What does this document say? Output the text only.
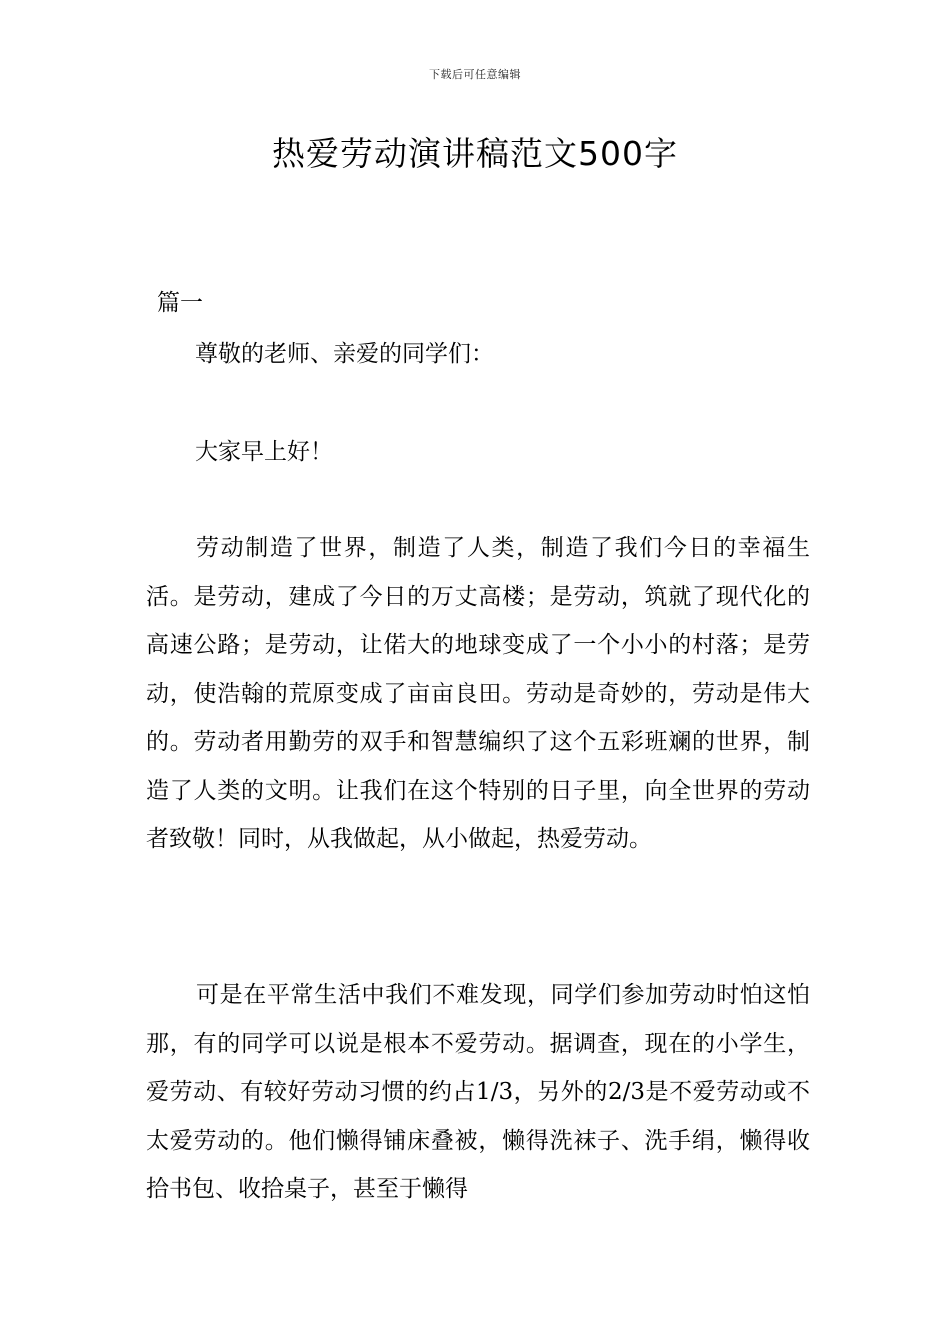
下载后可任意编辑
热爱劳动演讲稿范文500字
篇一
尊敬的老师、亲爱的同学们：
大家早上好！

劳动制造了世界，制造了人类，制造了我们今日的幸福生活。是劳动，建成了今日的万丈高楼；是劳动，筑就了现代化的高速公路；是劳动，让偌大的地球变成了一个小小的村落；是劳动，使浩翰的荒原变成了亩亩良田。劳动是奇妙的，劳动是伟大的。劳动者用勤劳的双手和智慧编织了这个五彩班斓的世界，制造了人类的文明。让我们在这个特别的日子里，向全世界的劳动者致敬！同时，从我做起，从小做起，热爱劳动。

可是在平常生活中我们不难发现，同学们参加劳动时怕这怕那，有的同学可以说是根本不爱劳动。据调查，现在的小学生，爱劳动、有较好劳动习惯的约占1/3，另外的2/3是不爱劳动或不太爱劳动的。他们懒得铺床叠被，懒得洗袜子、洗手绢，懒得收拾书包、收拾桌子，甚至于懒得
